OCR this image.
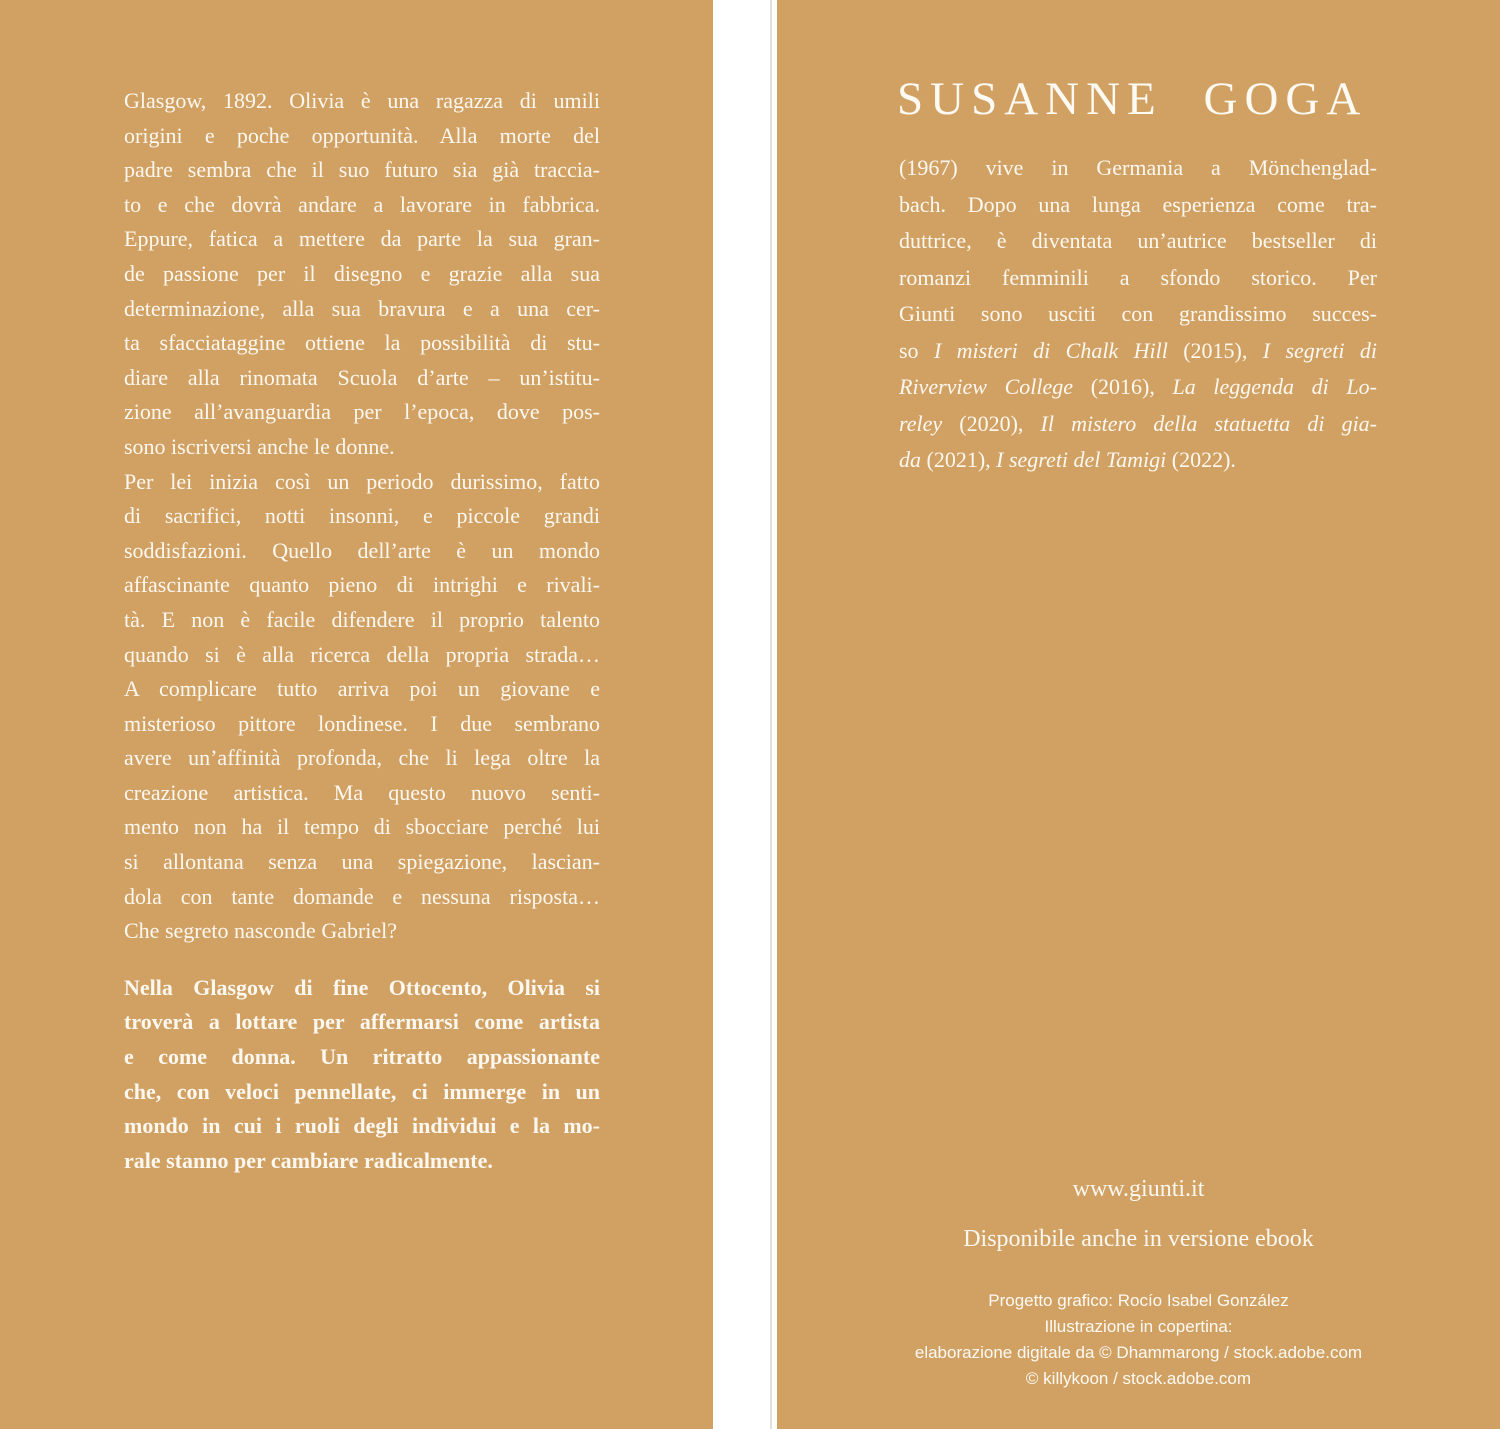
Glasgow, 1892. Olivia è una ragazza di umili
origini e poche opportunità. Alla morte del
padre sembra che il suo futuro sia già traccia-
to e che dovrà andare a lavorare in fabbrica.
Eppure, fatica a mettere da parte la sua gran-
de passione per il disegno e grazie alla sua
determinazione, alla sua bravura e a una cer-
ta sfacciataggine ottiene la possibilità di stu-
diare alla rinomata Scuola d’arte – un’istitu-
zione all’avanguardia per l’epoca, dove pos-
sono iscriversi anche le donne.
Per lei inizia così un periodo durissimo, fatto
di sacrifici, notti insonni, e piccole grandi
soddisfazioni. Quello dell’arte è un mondo
affascinante quanto pieno di intrighi e rivali-
tà. E non è facile difendere il proprio talento
quando si è alla ricerca della propria strada…
A complicare tutto arriva poi un giovane e
misterioso pittore londinese. I due sembrano
avere un’affinità profonda, che li lega oltre la
creazione artistica. Ma questo nuovo senti-
mento non ha il tempo di sbocciare perché lui
si allontana senza una spiegazione, lascian-
dola con tante domande e nessuna risposta…
Che segreto nasconde Gabriel?
Nella Glasgow di fine Ottocento, Olivia si
troverà a lottare per affermarsi come artista
e come donna. Un ritratto appassionante
che, con veloci pennellate, ci immerge in un
mondo in cui i ruoli degli individui e la mo-
rale stanno per cambiare radicalmente.
SUSANNE GOGA
(1967) vive in Germania a Mönchenglad-
bach. Dopo una lunga esperienza come tra-
duttrice, è diventata un’autrice bestseller di
romanzi femminili a sfondo storico. Per
Giunti sono usciti con grandissimo succes-
so I misteri di Chalk Hill (2015), I segreti di
Riverview College (2016), La leggenda di Lo-
reley (2020), Il mistero della statuetta di gia-
da (2021), I segreti del Tamigi (2022).
www.giunti.it
Disponibile anche in versione ebook
Progetto grafico: Rocío Isabel González
Illustrazione in copertina:
elaborazione digitale da © Dhammarong / stock.adobe.com
© killykoon / stock.adobe.com
